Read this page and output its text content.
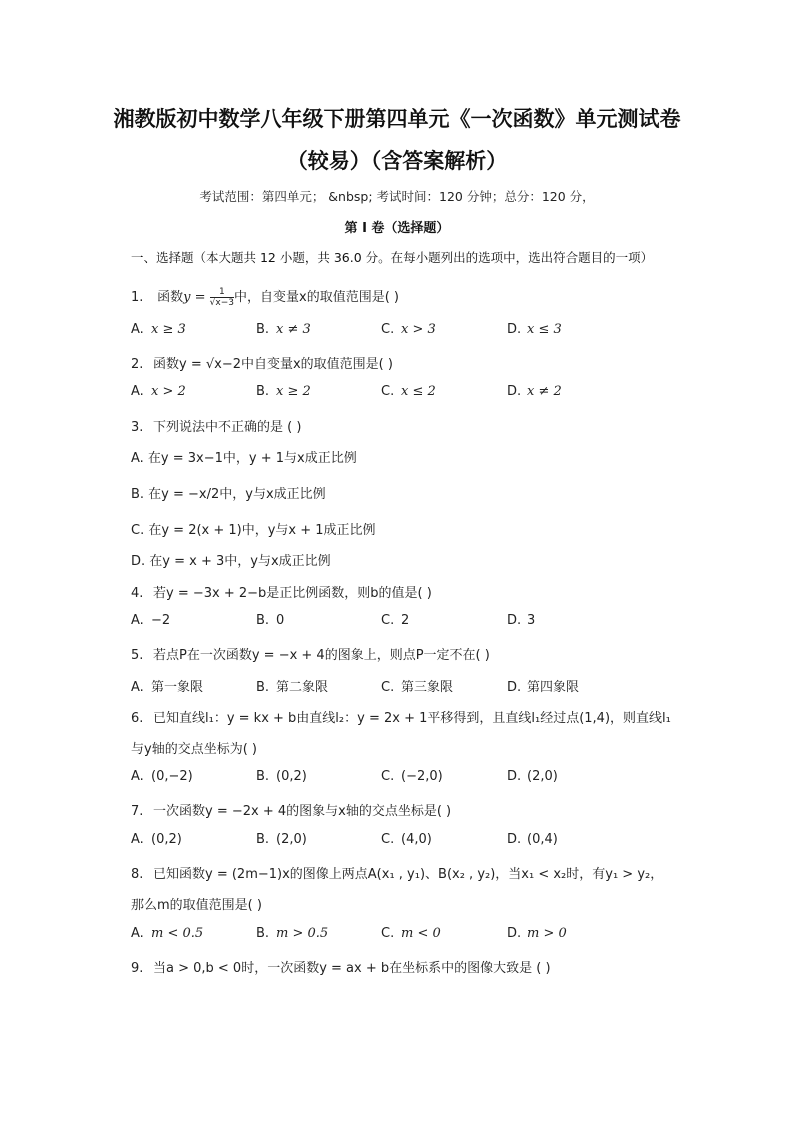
湘教版初中数学八年级下册第四单元《一次函数》单元测试卷
（较易）（含答案解析）
考试范围：第四单元； &nbsp; 考试时间：120 分钟；总分：120 分，
第 I 卷（选择题）
一、选择题（本大题共 12 小题，共 36.0 分。在每小题列出的选项中，选出符合题目的一项）
1. 函数$y = \frac{1}{√x-3}$ 中，自变量x的取值范围是( )
A. x ≥ 3	B. x ≠ 3	C. x > 3	D. x ≤ 3
2. 函数y = √x−2中自变量x的取值范围是( )
A. x > 2	B. x ≥ 2	C. x ≤ 2	D. x ≠ 2
3. 下列说法中不正确的是 ( )
A. 在y = 3x−1中，y + 1与x成正比例
B. 在y = −x/2中，y与x成正比例
C. 在y = 2(x + 1)中，y与x + 1成正比例
D. 在y = x + 3中，y与x成正比例
4. 若y = −3x + 2−b是正比例函数，则b的值是( )
A. −2	B. 0	C. 2	D. 3
5. 若点P在一次函数y = −x + 4的图象上，则点P一定不在( )
A. 第一象限	B. 第二象限	C. 第三象限	D. 第四象限
6. 已知直线l₁：y = kx + b由直线l₂：y = 2x + 1平移得到，且直线l₁经过点(1,4)，则直线l₁
与y轴的交点坐标为( )
A. (0,−2)	B. (0,2)	C. (−2,0)	D. (2,0)
7. 一次函数y = −2x + 4的图象与x轴的交点坐标是( )
A. (0,2)	B. (2,0)	C. (4,0)	D. (0,4)
8. 已知函数y = (2m−1)x的图像上两点A(x₁ , y₁)、B(x₂ , y₂)，当x₁ < x₂时，有y₁ > y₂，
那么m的取值范围是( )
A. m < 0.5	B. m > 0.5	C. m < 0	D. m > 0
9. 当a > 0,b < 0时，一次函数y = ax + b在坐标系中的图像大致是 ( )
